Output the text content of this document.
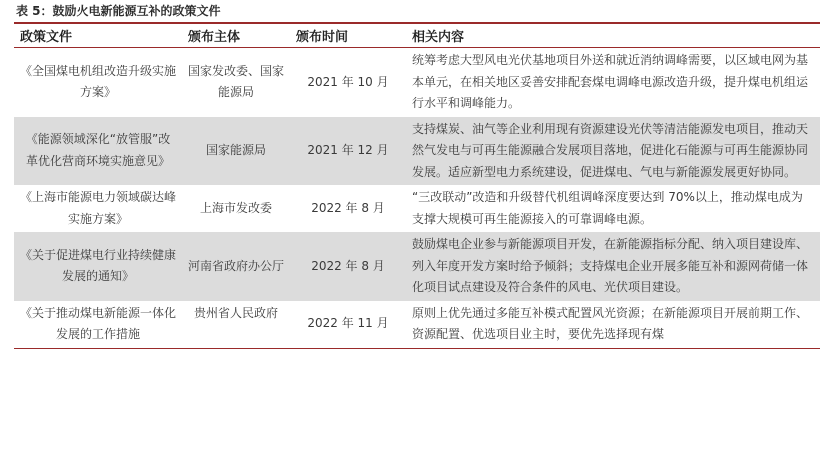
表 5：鼓励火电新能源互补的政策文件
政策文件	颁布主体	颁布时间	相关内容
《全国煤电机组改造升级实施方案》	国家发改委、国家能源局	2021 年 10 月	统筹考虑大型风电光伏基地项目外送和就近消纳调峰需要，以区域电网为基本单元，在相关地区妥善安排配套煤电调峰电源改造升级，提升煤电机组运行水平和调峰能力。
《能源领域深化“放管服”改革优化营商环境实施意见》	国家能源局	2021 年 12 月	支持煤炭、油气等企业利用现有资源建设光伏等清洁能源发电项目，推动天然气发电与可再生能源融合发展项目落地，促进化石能源与可再生能源协同发展。适应新型电力系统建设，促进煤电、气电与新能源发展更好协同。
《上海市能源电力领域碳达峰实施方案》	上海市发改委	2022 年 8 月	“三改联动”改造和升级替代机组调峰深度要达到 70%以上，推动煤电成为支撑大规模可再生能源接入的可靠调峰电源。
《关于促进煤电行业持续健康发展的通知》	河南省政府办公厅	2022 年 8 月	鼓励煤电企业参与新能源项目开发，在新能源指标分配、纳入项目建设库、列入年度开发方案时给予倾斜；支持煤电企业开展多能互补和源网荷储一体化项目试点建设及符合条件的风电、光伏项目建设。

《关于推动煤电新能源一体化发展的工作措施	贵州省人民政府	2022 年 11 月	原则上优先通过多能互补模式配置风光资源；在新能源项目开展前期工作、资源配置、优选项目业主时，要优先选择现有煤
